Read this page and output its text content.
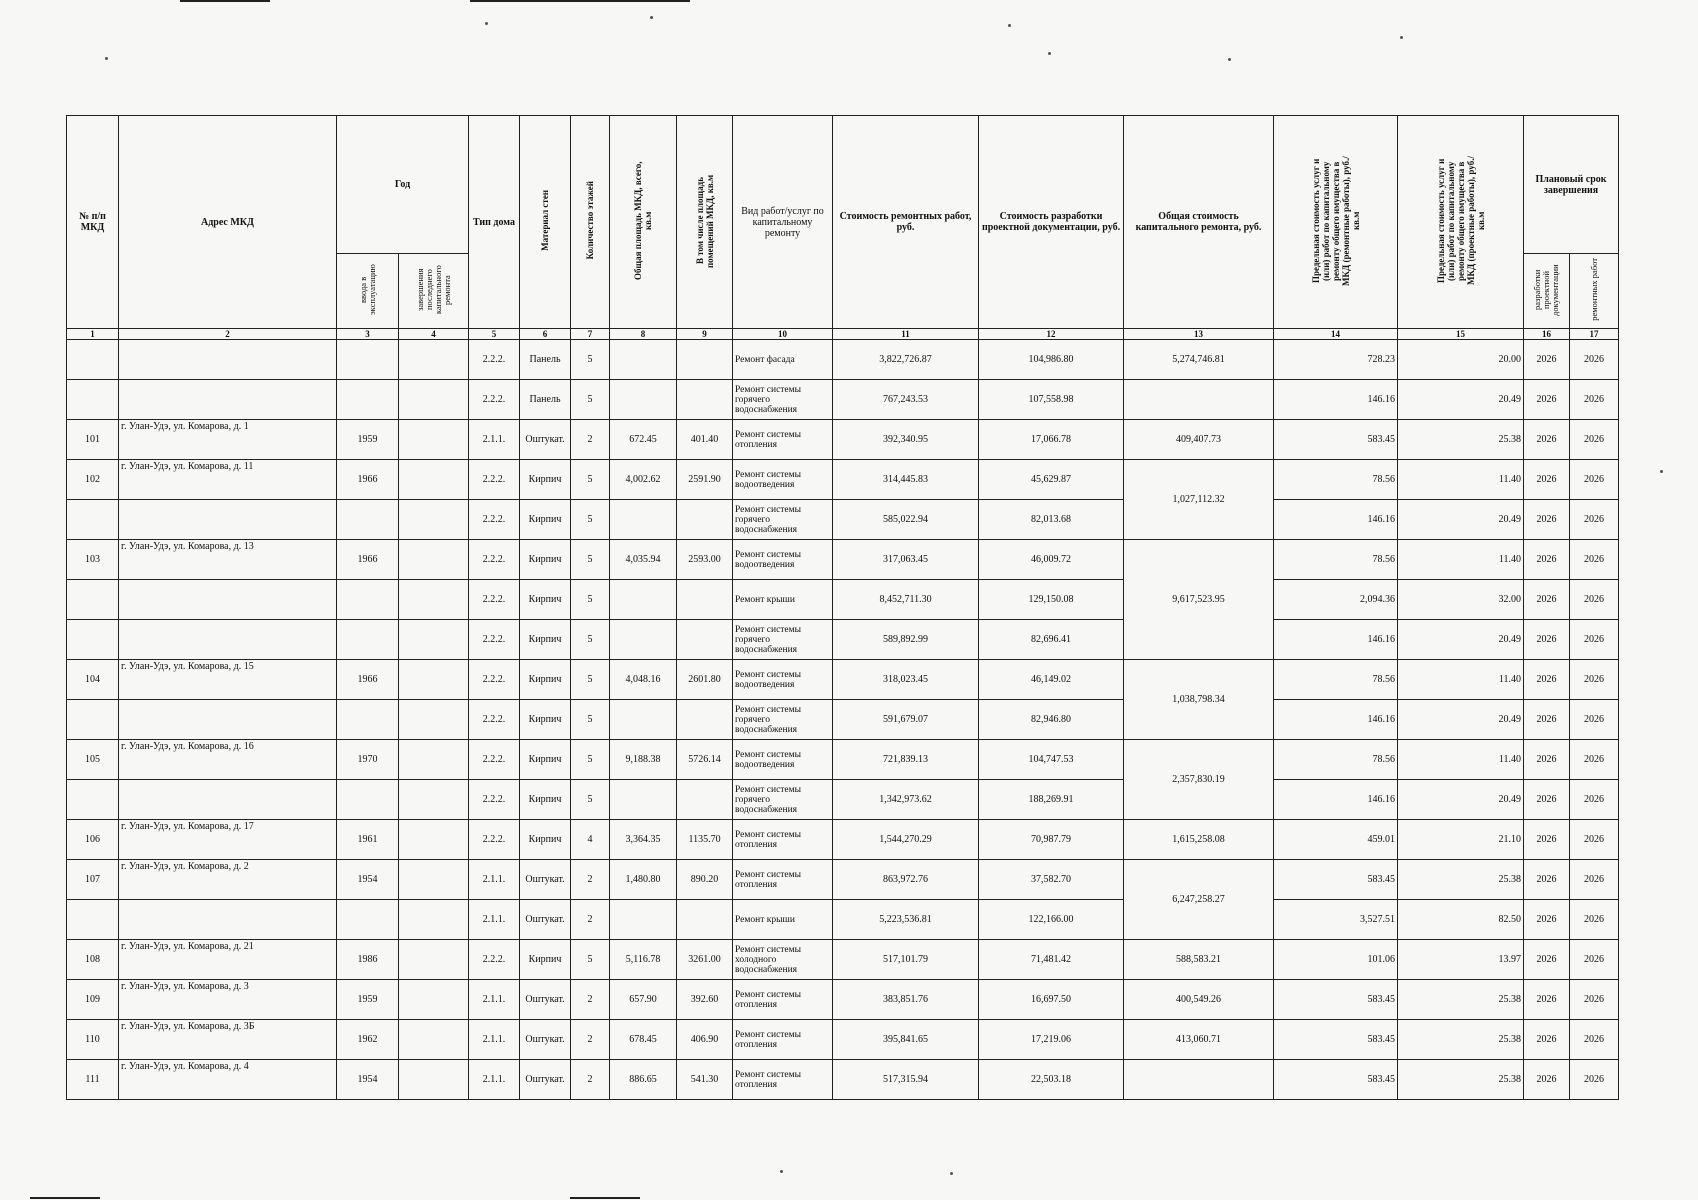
№ п/п МКД	Адрес МКД	Год		Тип дома	Материал стен	Количество этажей	Общая площадь МКД, всего, кв.м	В том числе площадь помещений МКД, кв.м	Вид работ/услуг по капитальному ремонту	Стоимость ремонтных работ, руб.	Стоимость разработки проектной документации, руб.	Общая стоимость капитального ремонта, руб.	Предельная стоимость услуг и (или) работ по капитальному ремонту общего имущества в МКД (ремонтные работы), руб./кв.м	Предельная стоимость услуг и (или) работ по капитальному ремонту общего имущества в МКД (проектные работы), руб./кв.м	Плановый срок завершения	
		ввода в эксплуатацию	завершения последнего капитального ремонта												разработки проектной документации	ремонтных работ
1	2	3	4	5	6	7	8	9	10	11	12	13	14	15	16	17
				2.2.2.	Панель	5			Ремонт фасада	3,822,726.87	104,986.80	5,274,746.81	728.23	20.00	2026	2026
				2.2.2.	Панель	5			Ремонт системы горячего водоснабжения	767,243.53	107,558.98		146.16	20.49	2026	2026
101	г. Улан-Удэ, ул. Комарова, д. 1	1959		2.1.1.	Оштукат.	2	672.45	401.40	Ремонт системы отопления	392,340.95	17,066.78	409,407.73	583.45	25.38	2026	2026
102	г. Улан-Удэ, ул. Комарова, д. 11	1966		2.2.2.	Кирпич	5	4,002.62	2591.90	Ремонт системы водоотведения	314,445.83	45,629.87	1,027,112.32	78.56	11.40	2026	2026
				2.2.2.	Кирпич	5			Ремонт системы горячего водоснабжения	585,022.94	82,013.68		146.16	20.49	2026	2026
103	г. Улан-Удэ, ул. Комарова, д. 13	1966		2.2.2.	Кирпич	5	4,035.94	2593.00	Ремонт системы водоотведения	317,063.45	46,009.72	9,617,523.95	78.56	11.40	2026	2026
				2.2.2.	Кирпич	5			Ремонт крыши	8,452,711.30	129,150.08		2,094.36	32.00	2026	2026
				2.2.2.	Кирпич	5			Ремонт системы горячего водоснабжения	589,892.99	82,696.41		146.16	20.49	2026	2026
104	г. Улан-Удэ, ул. Комарова, д. 15	1966		2.2.2.	Кирпич	5	4,048.16	2601.80	Ремонт системы водоотведения	318,023.45	46,149.02	1,038,798.34	78.56	11.40	2026	2026
				2.2.2.	Кирпич	5			Ремонт системы горячего водоснабжения	591,679.07	82,946.80		146.16	20.49	2026	2026
105	г. Улан-Удэ, ул. Комарова, д. 16	1970		2.2.2.	Кирпич	5	9,188.38	5726.14	Ремонт системы водоотведения	721,839.13	104,747.53	2,357,830.19	78.56	11.40	2026	2026
				2.2.2.	Кирпич	5			Ремонт системы горячего водоснабжения	1,342,973.62	188,269.91		146.16	20.49	2026	2026
106	г. Улан-Удэ, ул. Комарова, д. 17	1961		2.2.2.	Кирпич	4	3,364.35	1135.70	Ремонт системы отопления	1,544,270.29	70,987.79	1,615,258.08	459.01	21.10	2026	2026
107	г. Улан-Удэ, ул. Комарова, д. 2	1954		2.1.1.	Оштукат.	2	1,480.80	890.20	Ремонт системы отопления	863,972.76	37,582.70	6,247,258.27	583.45	25.38	2026	2026
				2.1.1.	Оштукат.	2			Ремонт крыши	5,223,536.81	122,166.00		3,527.51	82.50	2026	2026
108	г. Улан-Удэ, ул. Комарова, д. 21	1986		2.2.2.	Кирпич	5	5,116.78	3261.00	Ремонт системы холодного водоснабжения	517,101.79	71,481.42	588,583.21	101.06	13.97	2026	2026
109	г. Улан-Удэ, ул. Комарова, д. 3	1959		2.1.1.	Оштукат.	2	657.90	392.60	Ремонт системы отопления	383,851.76	16,697.50	400,549.26	583.45	25.38	2026	2026
110	г. Улан-Удэ, ул. Комарова, д. 3Б	1962		2.1.1.	Оштукат.	2	678.45	406.90	Ремонт системы отопления	395,841.65	17,219.06	413,060.71	583.45	25.38	2026	2026
111	г. Улан-Удэ, ул. Комарова, д. 4	1954		2.1.1.	Оштукат.	2	886.65	541.30	Ремонт системы отопления	517,315.94	22,503.18		583.45	25.38	2026	2026
